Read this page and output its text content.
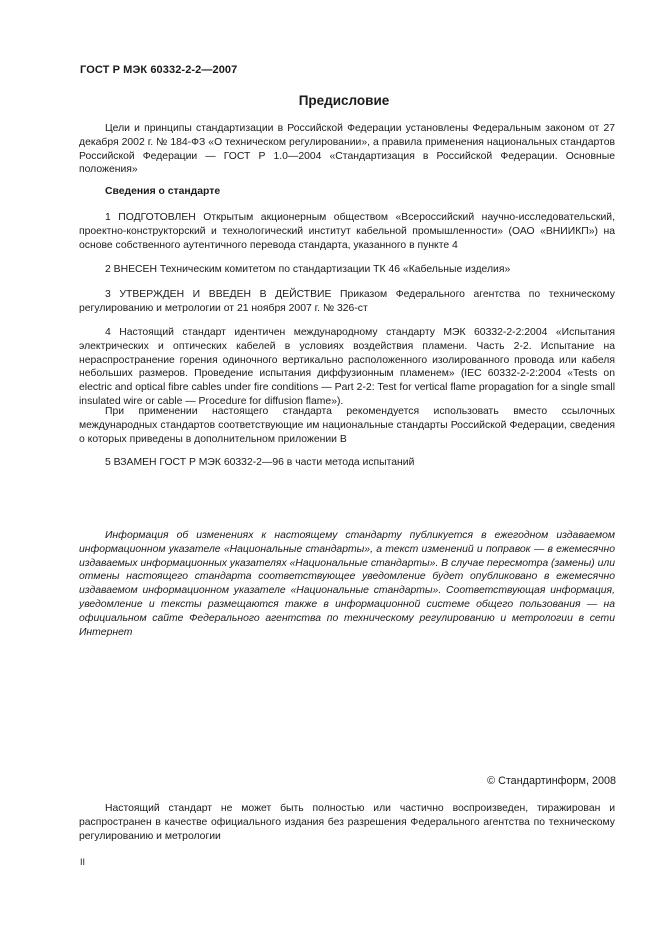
ГОСТ Р МЭК 60332-2-2—2007
Предисловие

Цели и принципы стандартизации в Российской Федерации установлены Федеральным законом от 27 декабря 2002 г. № 184-ФЗ «О техническом регулировании», а правила применения национальных стандартов Российской Федерации — ГОСТ Р 1.0—2004 «Стандартизация в Российской Федерации. Основные положения»

Сведения о стандарте

1 ПОДГОТОВЛЕН Открытым акционерным обществом «Всероссийский научно-исследовательский, проектно-конструкторский и технологический институт кабельной промышленности» (ОАО «ВНИИКП») на основе собственного аутентичного перевода стандарта, указанного в пункте 4

2 ВНЕСЕН Техническим комитетом по стандартизации ТК 46 «Кабельные изделия»

3 УТВЕРЖДЕН И ВВЕДЕН В ДЕЙСТВИЕ Приказом Федерального агентства по техническому регулированию и метрологии от 21 ноября 2007 г. № 326-ст

4 Настоящий стандарт идентичен международному стандарту МЭК 60332-2-2:2004 «Испытания электрических и оптических кабелей в условиях воздействия пламени. Часть 2-2. Испытание на нераспространение горения одиночного вертикально расположенного изолированного провода или кабеля небольших размеров. Проведение испытания диффузионным пламенем» (IEC 60332-2-2:2004 «Tests on electric and optical fibre cables under fire conditions — Part 2-2: Test for vertical flame propagation for a single small insulated wire or cable — Procedure for diffusion flame»).

При применении настоящего стандарта рекомендуется использовать вместо ссылочных международных стандартов соответствующие им национальные стандарты Российской Федерации, сведения о которых приведены в дополнительном приложении В

5 ВЗАМЕН ГОСТ Р МЭК 60332-2—96 в части метода испытаний

Информация об изменениях к настоящему стандарту публикуется в ежегодном издаваемом информационном указателе «Национальные стандарты», а текст изменений и поправок — в ежемесячно издаваемых информационных указателях «Национальные стандарты». В случае пересмотра (замены) или отмены настоящего стандарта соответствующее уведомление будет опубликовано в ежемесячно издаваемом информационном указателе «Национальные стандарты». Соответствующая информация, уведомление и тексты размещаются также в информационной системе общего пользования — на официальном сайте Федерального агентства по техническому регулированию и метрологии в сети Интернет

© Стандартинформ, 2008

Настоящий стандарт не может быть полностью или частично воспроизведен, тиражирован и распространен в качестве официального издания без разрешения Федерального агентства по техническому регулированию и метрологии

II
